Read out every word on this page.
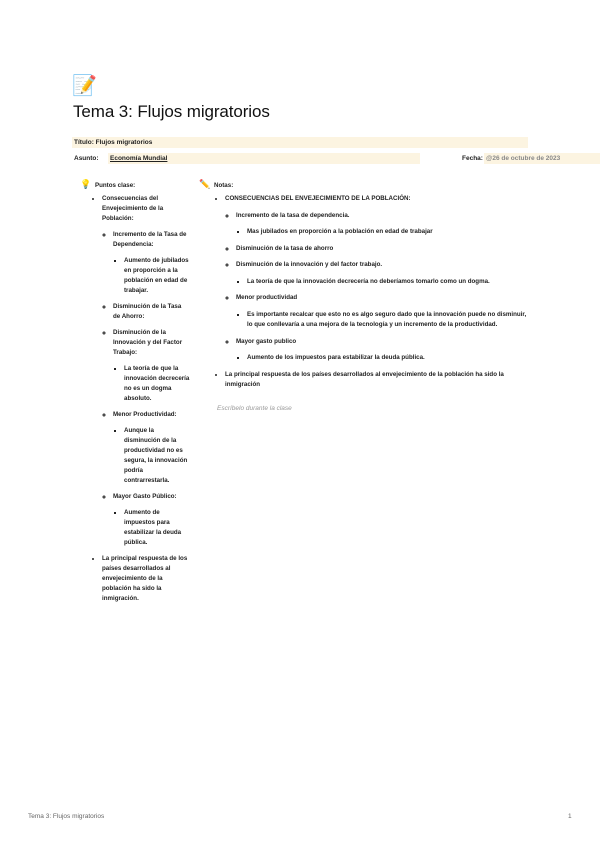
📝
Tema 3: Flujos migratorios
Título: Flujos migratorios
Asunto:	Economía Mundial	Fecha: @26 de octubre de 2023
💡 Puntos clase:
• Consecuencias del Envejecimiento de la Población:
◦ Incremento de la Tasa de Dependencia:
▪ Aumento de jubilados en proporción a la población en edad de trabajar.
◦ Disminución de la Tasa de Ahorro:
◦ Disminución de la Innovación y del Factor Trabajo:
▪ La teoría de que la innovación decrecería no es un dogma absoluto.
◦ Menor Productividad:
▪ Aunque la disminución de la productividad no es segura, la innovación podría contrarrestarla.
◦ Mayor Gasto Público:
▪ Aumento de impuestos para estabilizar la deuda pública.
• La principal respuesta de los países desarrollados al envejecimiento de la población ha sido la inmigración.
✏️ Notas:
• CONSECUENCIAS DEL ENVEJECIMIENTO DE LA POBLACIÓN:
◦ Incremento de la tasa de dependencia.
▪ Mas jubilados en proporción a la población en edad de trabajar
◦ Disminución de la tasa de ahorro
◦ Disminución de la innovación y del factor trabajo.
▪ La teoría de que la innovación decrecería no deberíamos tomarlo como un dogma.
◦ Menor productividad
▪ Es importante recalcar que esto no es algo seguro dado que la innovación puede no disminuir, lo que conllevaría a una mejora de la tecnología y un incremento de la productividad.
◦ Mayor gasto publico
▪ Aumento de los impuestos para estabilizar la deuda pública.
• La principal respuesta de los países desarrollados al envejecimiento de la población ha sido la inmigración
Escríbelo durante la clase
Tema 3: Flujos migratorios	1
